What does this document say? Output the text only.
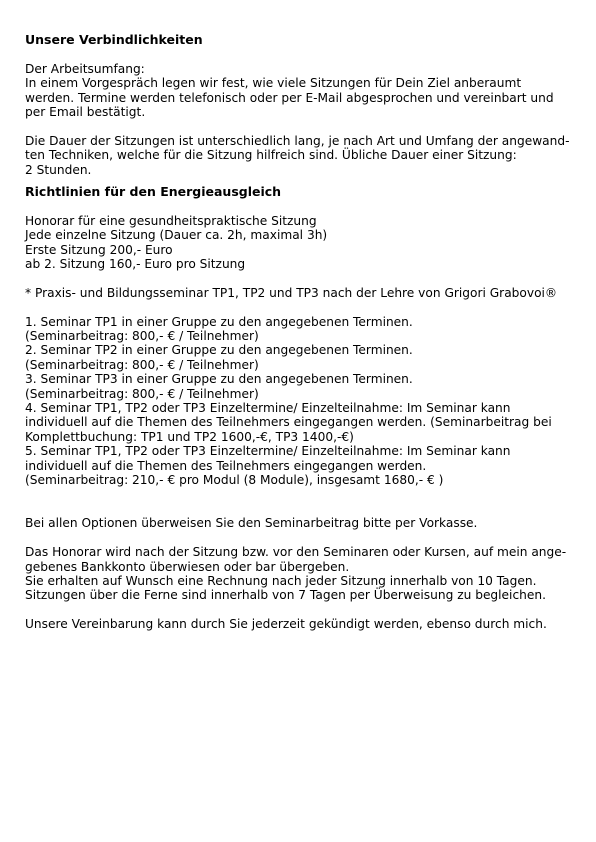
Unsere Verbindlichkeiten
Der Arbeitsumfang:
In einem Vorgespräch legen wir fest, wie viele Sitzungen für Dein Ziel anberaumt
werden. Termine werden telefonisch oder per E-Mail abgesprochen und vereinbart und
per Email bestätigt.
Die Dauer der Sitzungen ist unterschiedlich lang, je nach Art und Umfang der angewand-
ten Techniken, welche für die Sitzung hilfreich sind. Übliche Dauer einer Sitzung:
2 Stunden.
Richtlinien für den Energieausgleich
Honorar für eine gesundheitspraktische Sitzung
Jede einzelne Sitzung (Dauer ca. 2h, maximal 3h)
Erste Sitzung 200,- Euro
ab 2. Sitzung 160,- Euro pro Sitzung
* Praxis- und Bildungsseminar TP1, TP2 und TP3 nach der Lehre von Grigori Grabovoi®
1. Seminar TP1 in einer Gruppe zu den angegebenen Terminen.
(Seminarbeitrag: 800,- € / Teilnehmer)
2. Seminar TP2 in einer Gruppe zu den angegebenen Terminen.
(Seminarbeitrag: 800,- € / Teilnehmer)
3. Seminar TP3 in einer Gruppe zu den angegebenen Terminen.
(Seminarbeitrag: 800,- € / Teilnehmer)
4. Seminar TP1, TP2 oder TP3 Einzeltermine/ Einzelteilnahme: Im Seminar kann
individuell auf die Themen des Teilnehmers eingegangen werden. (Seminarbeitrag bei
Komplettbuchung: TP1 und TP2 1600,-€, TP3 1400,-€)
5. Seminar TP1, TP2 oder TP3 Einzeltermine/ Einzelteilnahme: Im Seminar kann
individuell auf die Themen des Teilnehmers eingegangen werden.
(Seminarbeitrag: 210,- € pro Modul (8 Module), insgesamt 1680,- € )
Bei allen Optionen überweisen Sie den Seminarbeitrag bitte per Vorkasse.
Das Honorar wird nach der Sitzung bzw. vor den Seminaren oder Kursen, auf mein ange-
gebenes Bankkonto überwiesen oder bar übergeben.
Sie erhalten auf Wunsch eine Rechnung nach jeder Sitzung innerhalb von 10 Tagen.
Sitzungen über die Ferne sind innerhalb von 7 Tagen per Überweisung zu begleichen.
Unsere Vereinbarung kann durch Sie jederzeit gekündigt werden, ebenso durch mich.
